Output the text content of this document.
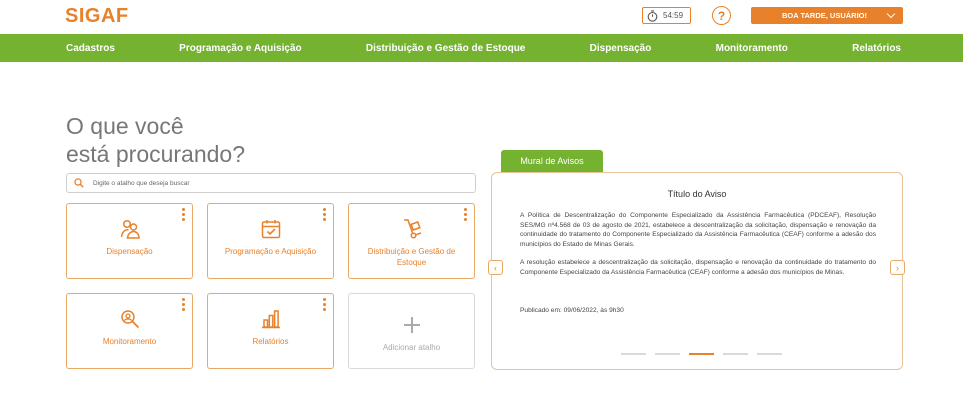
SIGAF	54:59	?	BOA TARDE, USUÁRIO!
Cadastros	Programação e Aquisição	Distribuição e Gestão de Estoque	Dispensação	Monitoramento	Relatórios
O que você
está procurando?
Digite o atalho que deseja buscar
Dispensação	Programação e Aquisição	Distribuição e Gestão de Estoque
Monitoramento	Relatórios
Adicionar atalho
Mural de Avisos
Título do Aviso

A Política de Descentralização do Componente Especializado da Assistência Farmacêutica (PDCEAF), Resolução SES/MG nº4.568 de 03 de agosto de 2021, estabelece a descentralização da solicitação, dispensação e renovação da continuidade do tratamento do Componente Especializado da Assistência Farmacêutica (CEAF) conforme a adesão dos municípios do Estado de Minas Gerais.

A resolução estabelece a descentralização da solicitação, dispensação e renovação da continuidade do tratamento do Componente Especializado da Assistência Farmacêutica (CEAF) conforme a adesão dos municípios de Minas.

Publicado em: 09/06/2022, às 9h30
‹	›
